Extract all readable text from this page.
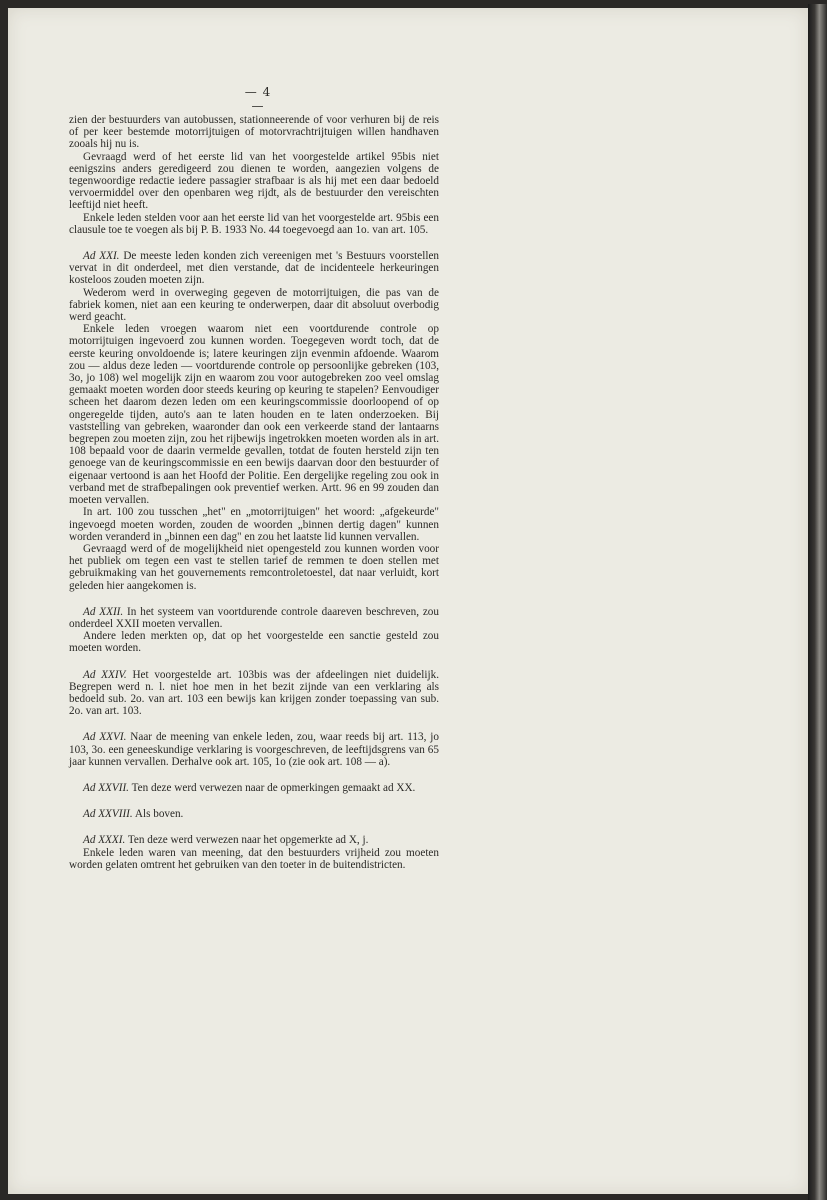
— 4 —

zien der bestuurders van autobussen, stationneerende of voor verhuren bij de reis of per keer bestemde motorrijtuigen of motorvrachtrijtuigen willen handhaven zooals hij nu is.

Gevraagd werd of het eerste lid van het voorgestelde artikel 95bis niet eenigszins anders geredigeerd zou dienen te worden, aangezien volgens de tegenwoordige redactie iedere passagier strafbaar is als hij met een daar bedoeld vervoermiddel over den openbaren weg rijdt, als de bestuurder den vereischten leeftijd niet heeft.

Enkele leden stelden voor aan het eerste lid van het voorgestelde art. 95bis een clausule toe te voegen als bij P. B. 1933 No. 44 toegevoegd aan 1o. van art. 105.

Ad XXI. De meeste leden konden zich vereenigen met 's Bestuurs voorstellen vervat in dit onderdeel, met dien verstande, dat de incidenteele herkeuringen kosteloos zouden moeten zijn.

Wederom werd in overweging gegeven de motorrijtuigen, die pas van de fabriek komen, niet aan een keuring te onderwerpen, daar dit absoluut overbodig werd geacht.

Enkele leden vroegen waarom niet een voortdurende controle op motorrijtuigen ingevoerd zou kunnen worden. Toegegeven wordt toch, dat de eerste keuring onvoldoende is; latere keuringen zijn evenmin afdoende. Waarom zou — aldus deze leden — voortdurende controle op persoonlijke gebreken (103, 3o, jo 108) wel mogelijk zijn en waarom zou voor autogebreken zoo veel omslag gemaakt moeten worden door steeds keuring op keuring te stapelen? Eenvoudiger scheen het daarom dezen leden om een keuringscommissie doorloopend of op ongeregelde tijden, auto's aan te laten houden en te laten onderzoeken. Bij vaststelling van gebreken, waaronder dan ook een verkeerde stand der lantaarns begrepen zou moeten zijn, zou het rijbewijs ingetrokken moeten worden als in art. 108 bepaald voor de daarin vermelde gevallen, totdat de fouten hersteld zijn ten genoege van de keuringscommissie en een bewijs daarvan door den bestuurder of eigenaar vertoond is aan het Hoofd der Politie. Een dergelijke regeling zou ook in verband met de strafbepalingen ook preventief werken. Artt. 96 en 99 zouden dan moeten vervallen.

In art. 100 zou tusschen „het" en „motorrijtuigen" het woord: „afgekeurde" ingevoegd moeten worden, zouden de woorden „binnen dertig dagen" kunnen worden veranderd in „binnen een dag" en zou het laatste lid kunnen vervallen.

Gevraagd werd of de mogelijkheid niet opengesteld zou kunnen worden voor het publiek om tegen een vast te stellen tarief de remmen te doen stellen met gebruikmaking van het gouvernements remcontroletoestel, dat naar verluidt, kort geleden hier aangekomen is.

Ad XXII. In het systeem van voortdurende controle daareven beschreven, zou onderdeel XXII moeten vervallen.

Andere leden merkten op, dat op het voorgestelde een sanctie gesteld zou moeten worden.

Ad XXIV. Het voorgestelde art. 103bis was der afdeelingen niet duidelijk. Begrepen werd n. l. niet hoe men in het bezit zijnde van een verklaring als bedoeld sub. 2o. van art. 103 een bewijs kan krijgen zonder toepassing van sub. 2o. van art. 103.

Ad XXVI. Naar de meening van enkele leden, zou, waar reeds bij art. 113, jo 103, 3o. een geneeskundige verklaring is voorgeschreven, de leeftijdsgrens van 65 jaar kunnen vervallen. Derhalve ook art. 105, 1o (zie ook art. 108 — a).

Ad XXVII. Ten deze werd verwezen naar de opmerkingen gemaakt ad XX.

Ad XXVIII. Als boven.

Ad XXXI. Ten deze werd verwezen naar het opgemerkte ad X, j.

Enkele leden waren van meening, dat den bestuurders vrijheid zou moeten worden gelaten omtrent het gebruiken van den toeter in de buitendistricten.
